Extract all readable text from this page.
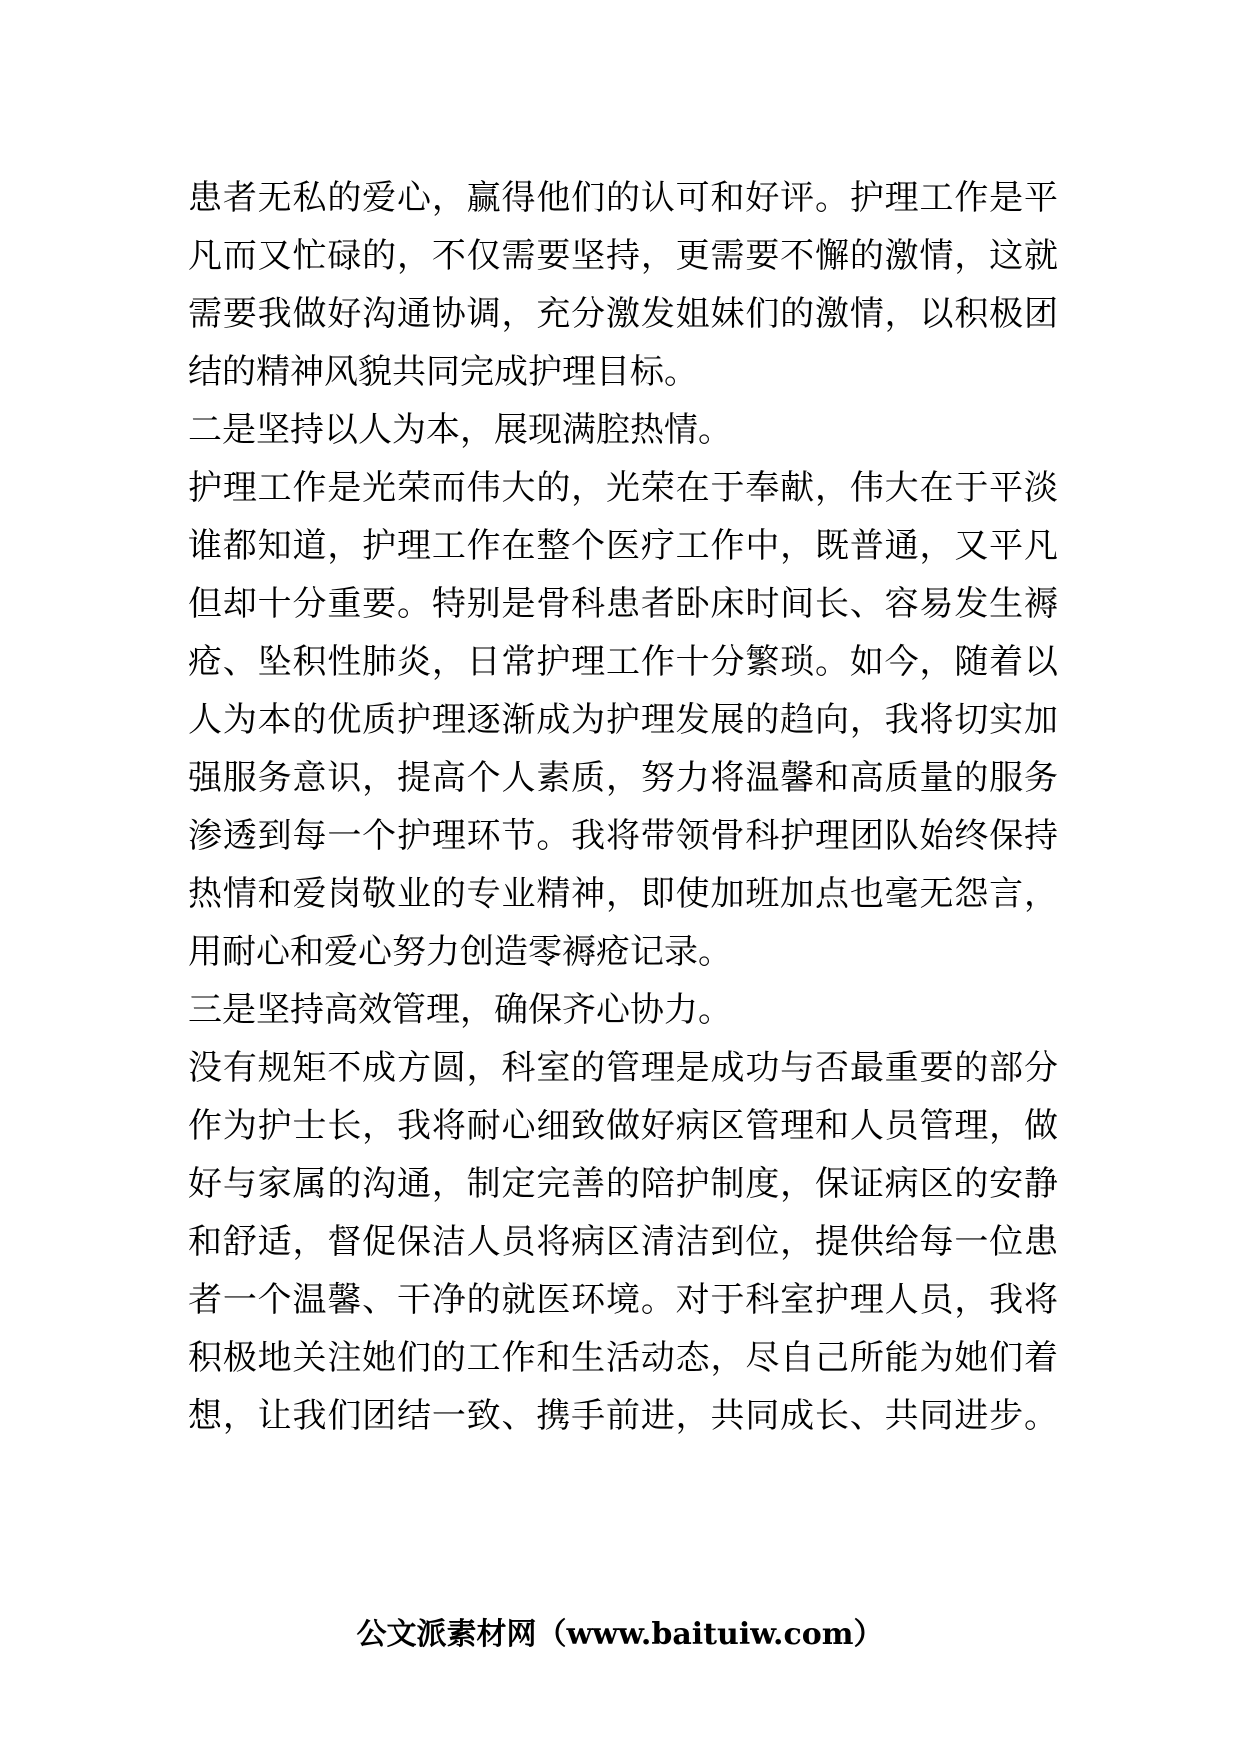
患者无私的爱心，赢得他们的认可和好评。护理工作是平
凡而又忙碌的，不仅需要坚持，更需要不懈的激情，这就
需要我做好沟通协调，充分激发姐妹们的激情，以积极团
结的精神风貌共同完成护理目标。
二是坚持以人为本，展现满腔热情。
护理工作是光荣而伟大的，光荣在于奉献，伟大在于平淡
谁都知道，护理工作在整个医疗工作中，既普通，又平凡
但却十分重要。特别是骨科患者卧床时间长、容易发生褥
疮、坠积性肺炎，日常护理工作十分繁琐。如今，随着以
人为本的优质护理逐渐成为护理发展的趋向，我将切实加
强服务意识，提高个人素质，努力将温馨和高质量的服务
渗透到每一个护理环节。我将带领骨科护理团队始终保持
热情和爱岗敬业的专业精神，即使加班加点也毫无怨言，
用耐心和爱心努力创造零褥疮记录。
三是坚持高效管理，确保齐心协力。
没有规矩不成方圆，科室的管理是成功与否最重要的部分
作为护士长，我将耐心细致做好病区管理和人员管理，做
好与家属的沟通，制定完善的陪护制度，保证病区的安静
和舒适，督促保洁人员将病区清洁到位，提供给每一位患
者一个温馨、干净的就医环境。对于科室护理人员，我将
积极地关注她们的工作和生活动态，尽自己所能为她们着
想，让我们团结一致、携手前进，共同成长、共同进步。
公文派素材网（www.baituiw.com）
